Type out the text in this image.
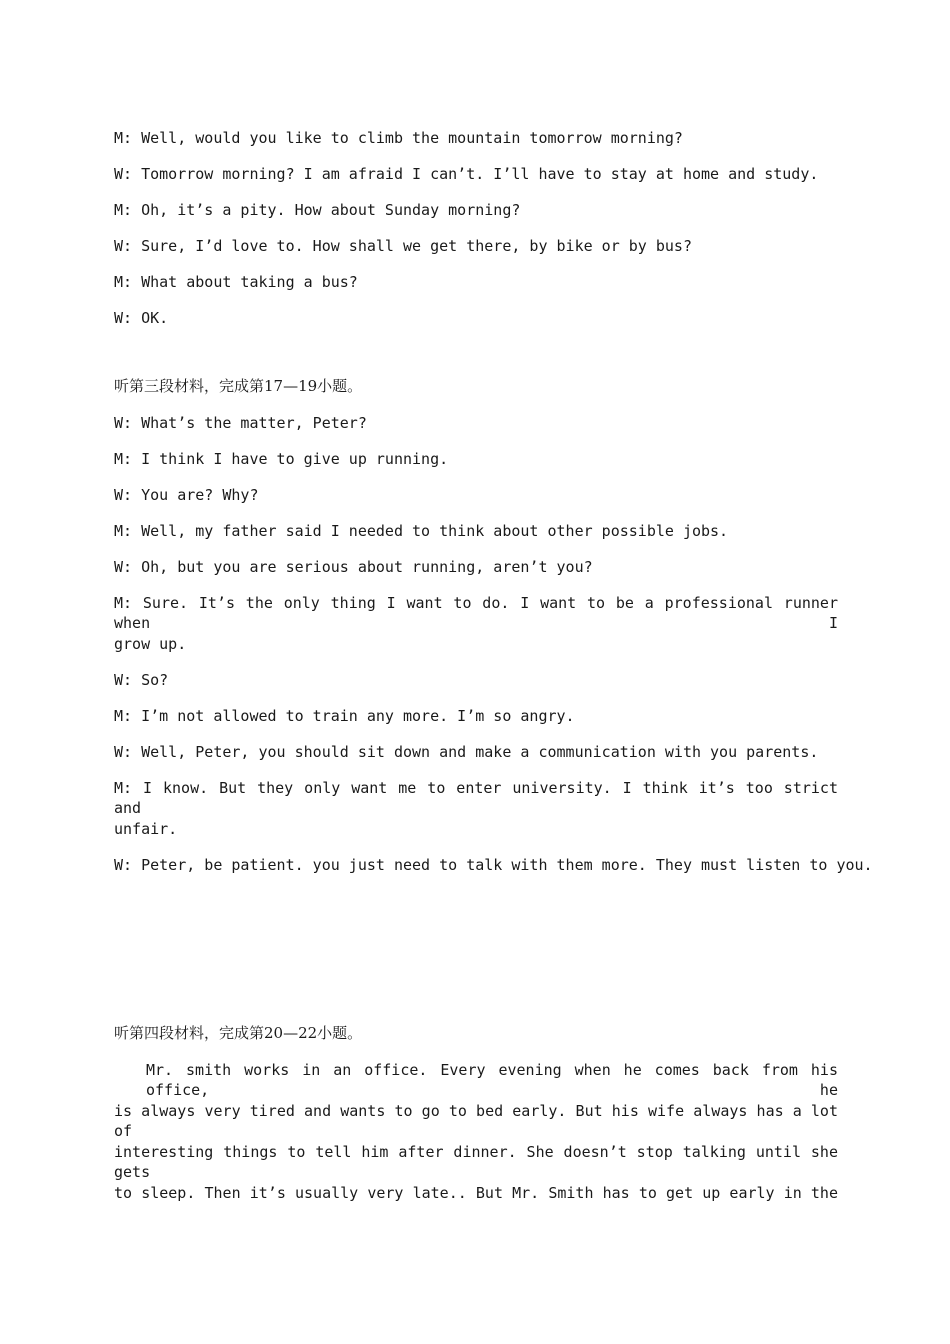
M: Well, would you like to climb the mountain tomorrow morning?
W: Tomorrow morning? I am afraid I can’t. I’ll have to stay at home and study.
M: Oh, it’s a pity. How about Sunday morning?
W: Sure, I’d love to. How shall we get there, by bike or by bus?
M: What about taking a bus?
W: OK.
听第三段材料，完成第17—19小题。
W: What’s the matter, Peter?
M: I think I have to give up running.
W: You are? Why?
M: Well, my father said I needed to think about other possible jobs.
W: Oh, but you are serious about running, aren’t you?
M: Sure. It’s the only thing I want to do. I want to be a professional runner when I
grow up.
W: So?
M: I’m not allowed to train any more. I’m so angry.
W: Well, Peter, you should sit down and make a communication with you parents.
M: I know. But they only want me to enter university. I think it’s too strict and
unfair.
W: Peter, be patient. you just need to talk with them more. They must listen to you.
听第四段材料，完成第20—22小题。
Mr. smith works in an office. Every evening when he comes back from his office, he
is always very tired and wants to go to bed early. But his wife always has a lot of
interesting things to tell him after dinner. She doesn’t stop talking until she gets
to sleep. Then it’s usually very late.. But Mr. Smith has to get up early in the
